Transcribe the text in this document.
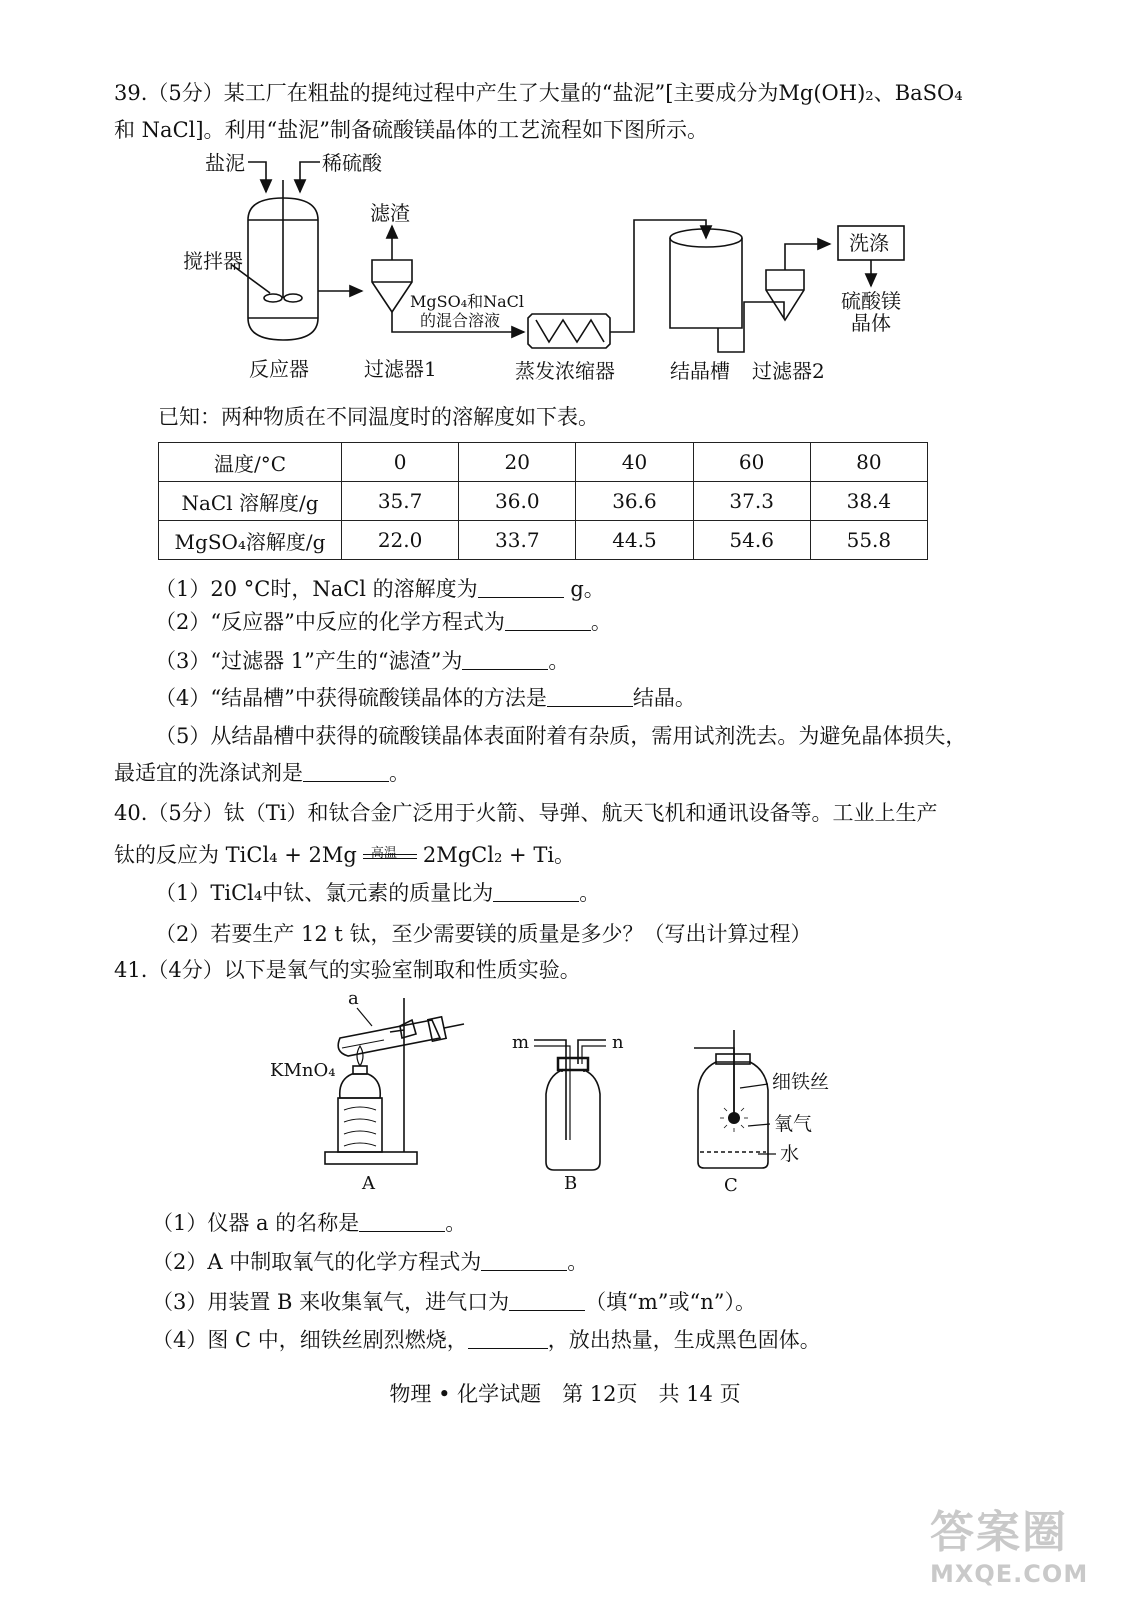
39.（5分）某工厂在粗盐的提纯过程中产生了大量的“盐泥”[主要成分为Mg(OH)₂、BaSO₄
和 NaCl]。利用“盐泥”制备硫酸镁晶体的工艺流程如下图所示。
盐泥	稀硫酸
搅拌器
反应器
滤渣
过滤器1
MgSO₄和NaCl
的混合溶液
蒸发浓缩器	结晶槽 过滤器2
洗涤
硫酸镁
晶体
已知：两种物质在不同温度时的溶解度如下表。
温度/°C	0	20	40	60	80
NaCl 溶解度/g	35.7	36.0	36.6	37.3	38.4
MgSO₄溶解度/g	22.0	33.7	44.5	54.6	55.8
（1）20 °C时，NaCl 的溶解度为	g。
（2）“反应器”中反应的化学方程式为	。
（3）“过滤器 1”产生的“滤渣”为	。
（4）“结晶槽”中获得硫酸镁晶体的方法是	结晶。
（5）从结晶槽中获得的硫酸镁晶体表面附着有杂质，需用试剂洗去。为避免晶体损失，
最适宜的洗涤试剂是	。
40.（5分）钛（Ti）和钛合金广泛用于火箭、导弹、航天飞机和通讯设备等。工业上生产
钛的反应为 TiCl₄ + 2Mg 高温 2MgCl₂ + Ti。
（1）TiCl₄中钛、氯元素的质量比为	。
（2）若要生产 12 t 钛，至少需要镁的质量是多少？（写出计算过程）
41.（4分）以下是氧气的实验室制取和性质实验。
a
KMnO₄
m	n
细铁丝
氧气
水
A	B	C
（1）仪器 a 的名称是	。
（2）A 中制取氧气的化学方程式为	。
（3）用装置 B 来收集氧气，进气口为	（填“m”或“n”）。
（4）图 C 中，细铁丝剧烈燃烧，	，放出热量，生成黑色固体。
物理 • 化学试题　第 12页　共 14 页
答案圈
MXQE.COM
